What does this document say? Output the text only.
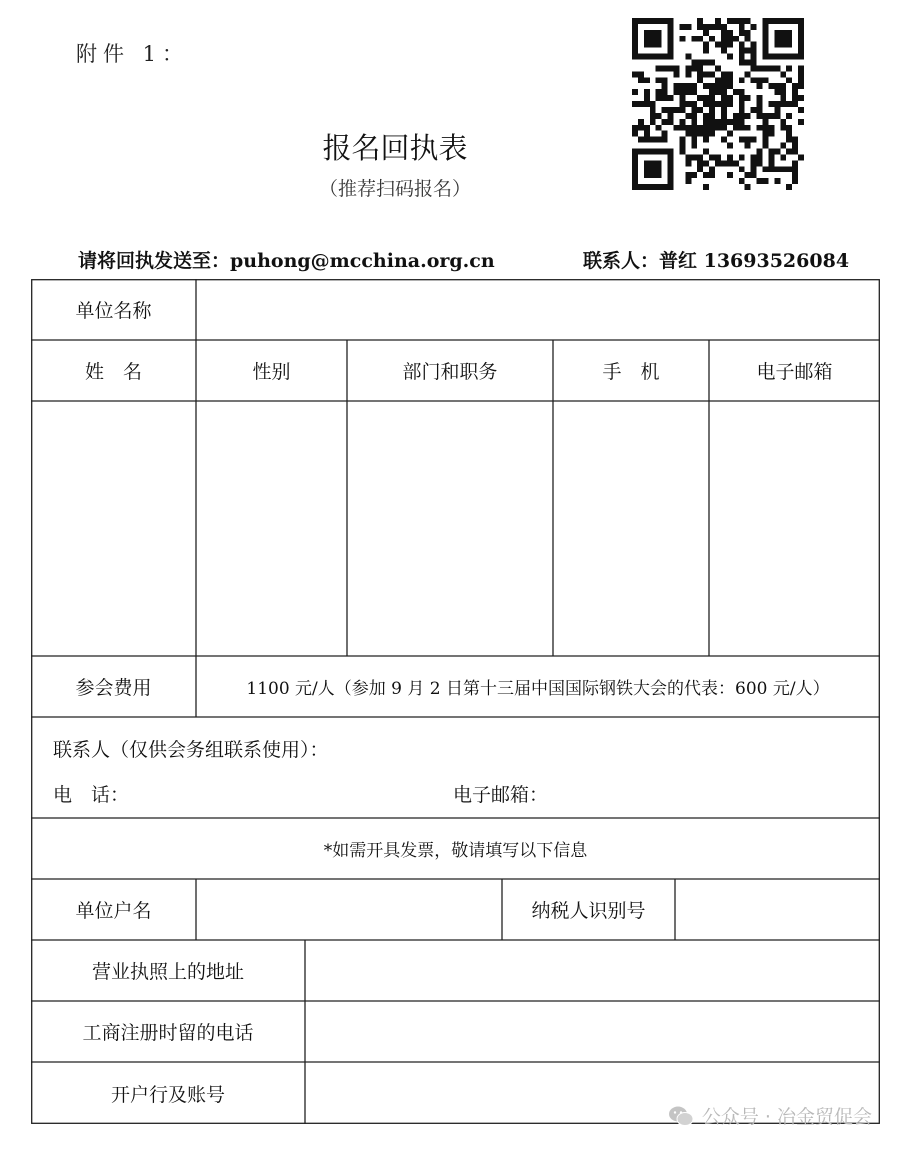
附件 1：
报名回执表
（推荐扫码报名）
请将回执发送至：puhong@mcchina.org.cn	联系人：普红 13693526084
单位名称
姓　名	性别	部门和职务	手　机	电子邮箱
参会费用	1100 元/人（参加 9 月 2 日第十三届中国国际钢铁大会的代表：600 元/人）
联系人（仅供会务组联系使用）：
电　话：	电子邮箱：
*如需开具发票，敬请填写以下信息
单位户名	纳税人识别号
营业执照上的地址
工商注册时留的电话
开户行及账号
公众号 · 冶金贸促会
